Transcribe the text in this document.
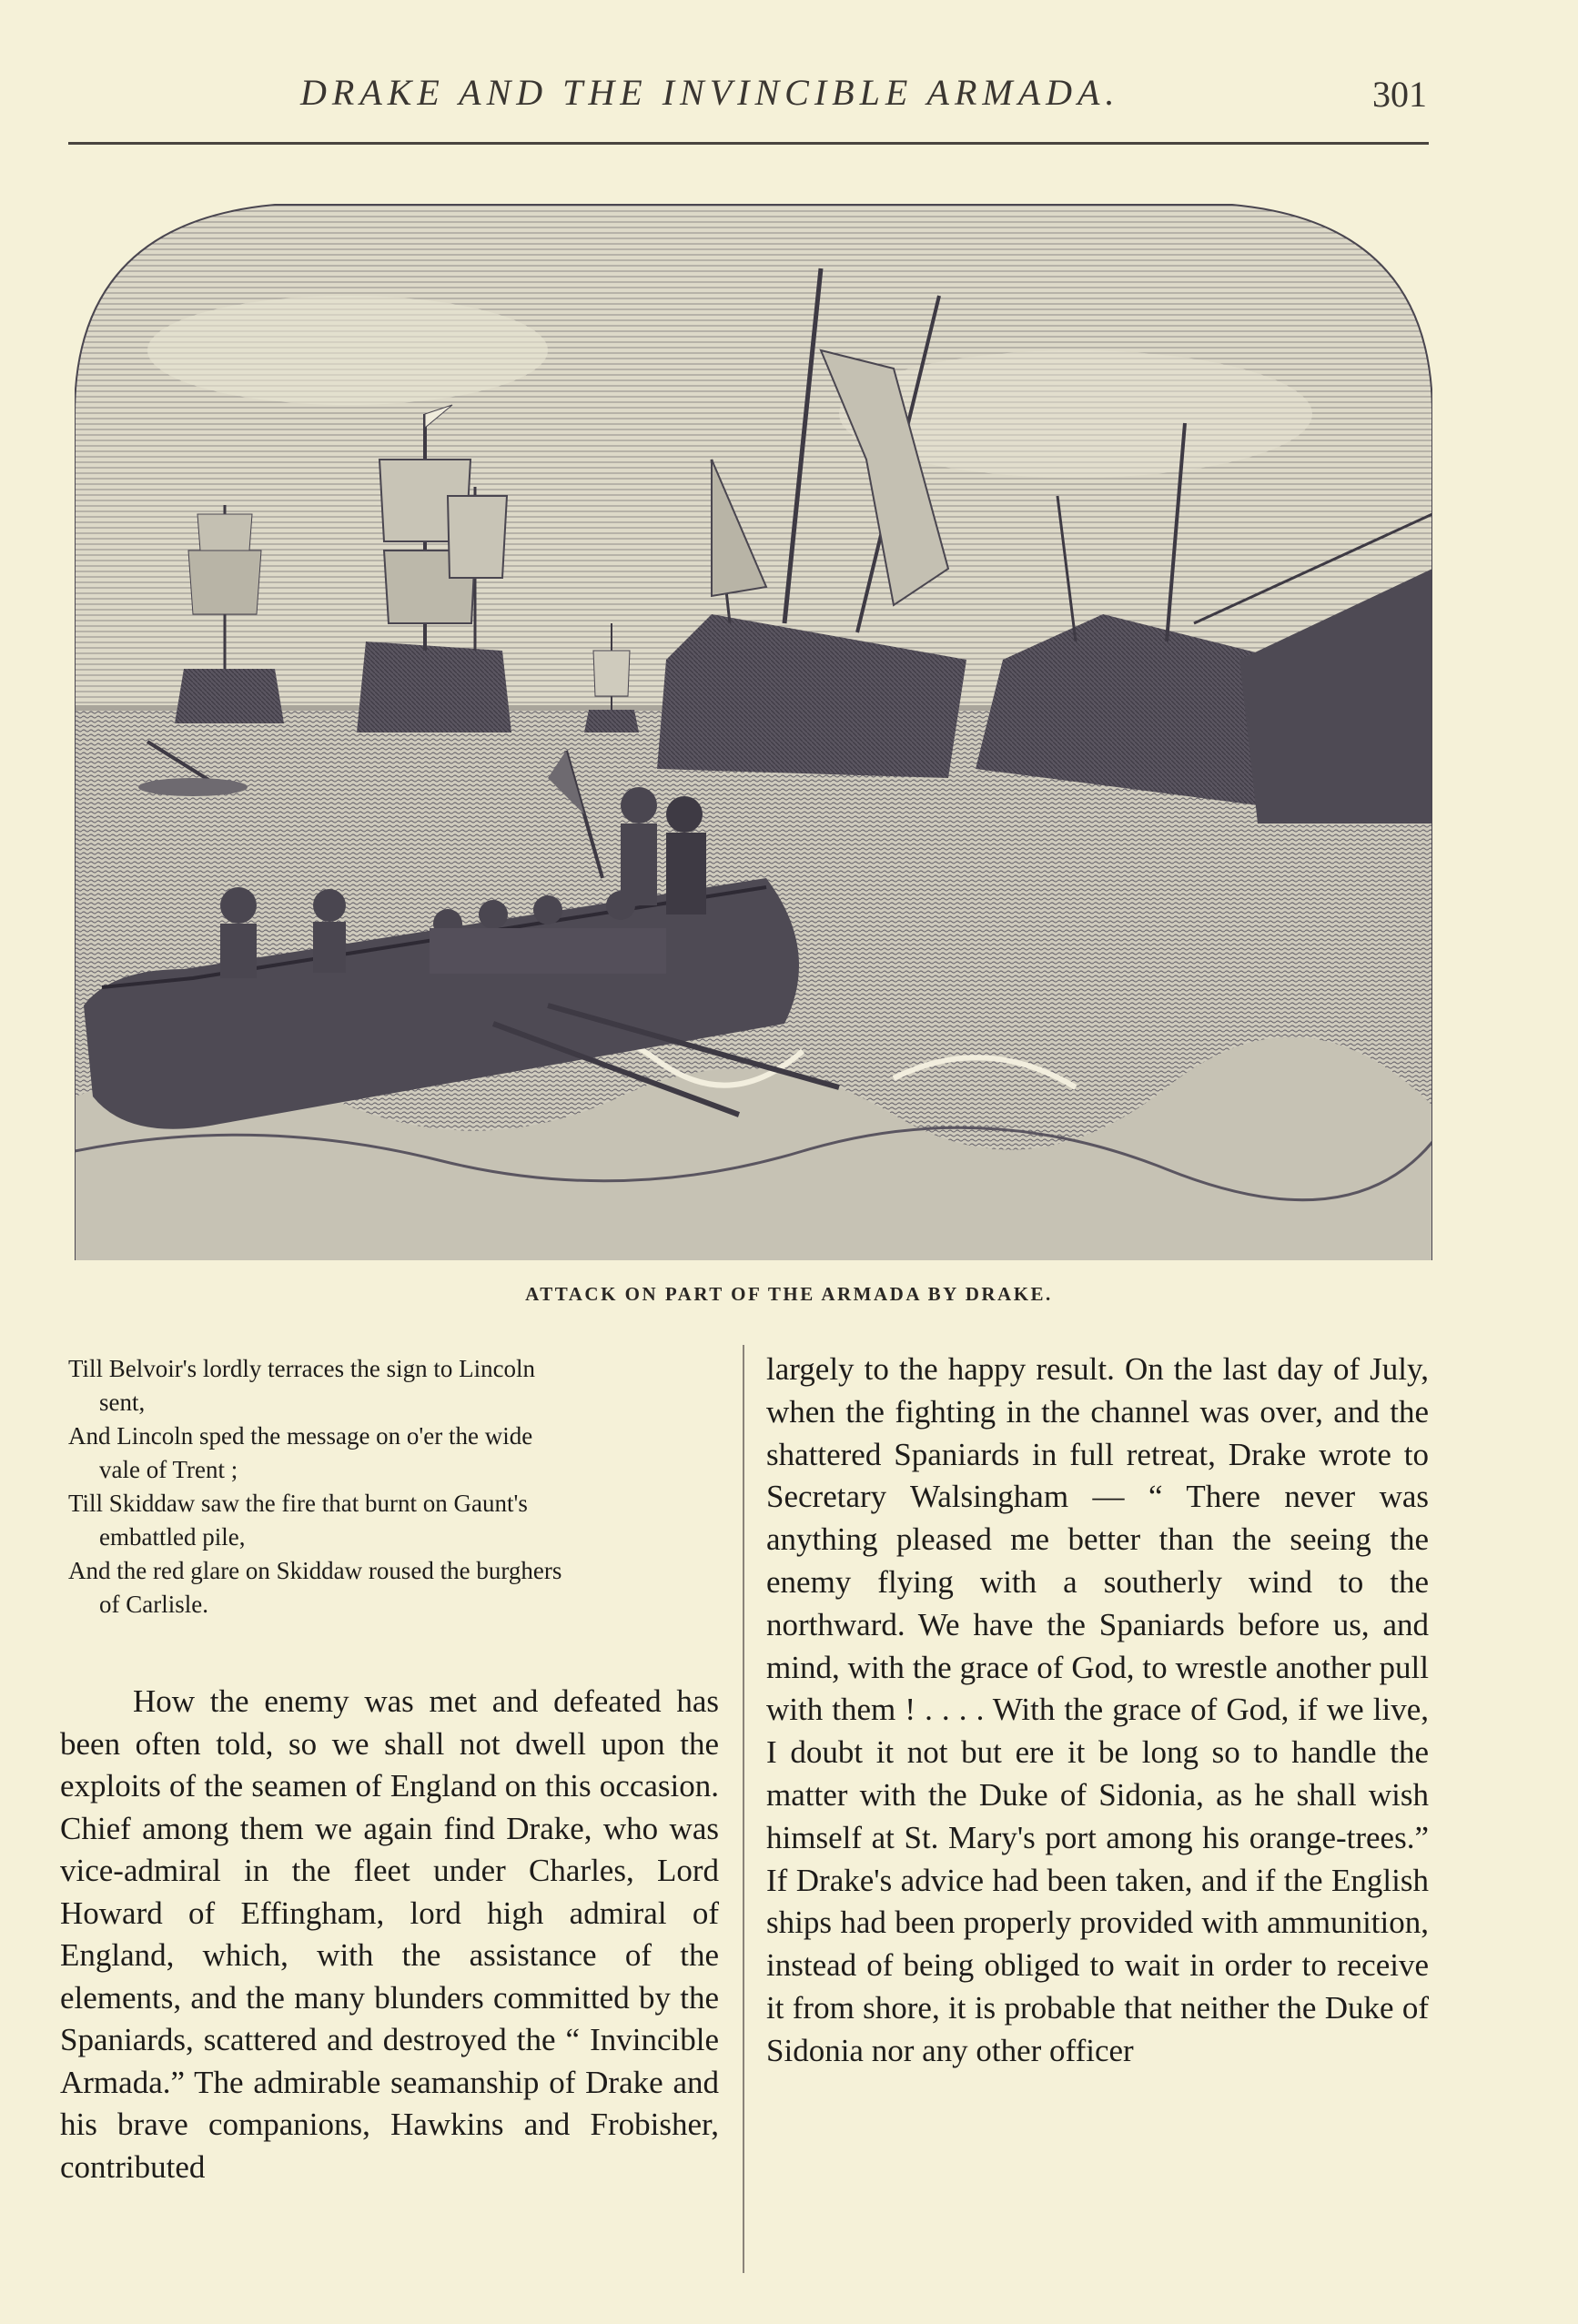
DRAKE AND THE INVINCIBLE ARMADA.	301
ATTACK ON PART OF THE ARMADA BY DRAKE.

Till Belvoir's lordly terraces the sign to Lincoln

sent,

And Lincoln sped the message on o'er the wide

vale of Trent ;

Till Skiddaw saw the fire that burnt on Gaunt's

embattled pile,

And the red glare on Skiddaw roused the burghers

of Carlisle.

How the enemy was met and defeated has been often told, so we shall not dwell upon the exploits of the seamen of England on this occasion. Chief among them we again find Drake, who was vice-admiral in the fleet under Charles, Lord Howard of Effingham, lord high admiral of England, which, with the assistance of the elements, and the many blunders committed by the Spaniards, scattered and destroyed the “ Invincible Armada.” The admirable seamanship of Drake and his brave companions, Hawkins and Frobisher, contributed

largely to the happy result. On the last day of July, when the fighting in the channel was over, and the shattered Spaniards in full retreat, Drake wrote to Secretary Walsingham — “ There never was anything pleased me better than the seeing the enemy flying with a southerly wind to the northward. We have the Spaniards before us, and mind, with the grace of God, to wrestle another pull with them ! . . . . With the grace of God, if we live, I doubt it not but ere it be long so to handle the matter with the Duke of Sidonia, as he shall wish himself at St. Mary's port among his orange-trees.” If Drake's advice had been taken, and if the English ships had been properly provided with ammunition, instead of being obliged to wait in order to receive it from shore, it is probable that neither the Duke of Sidonia nor any other officer
